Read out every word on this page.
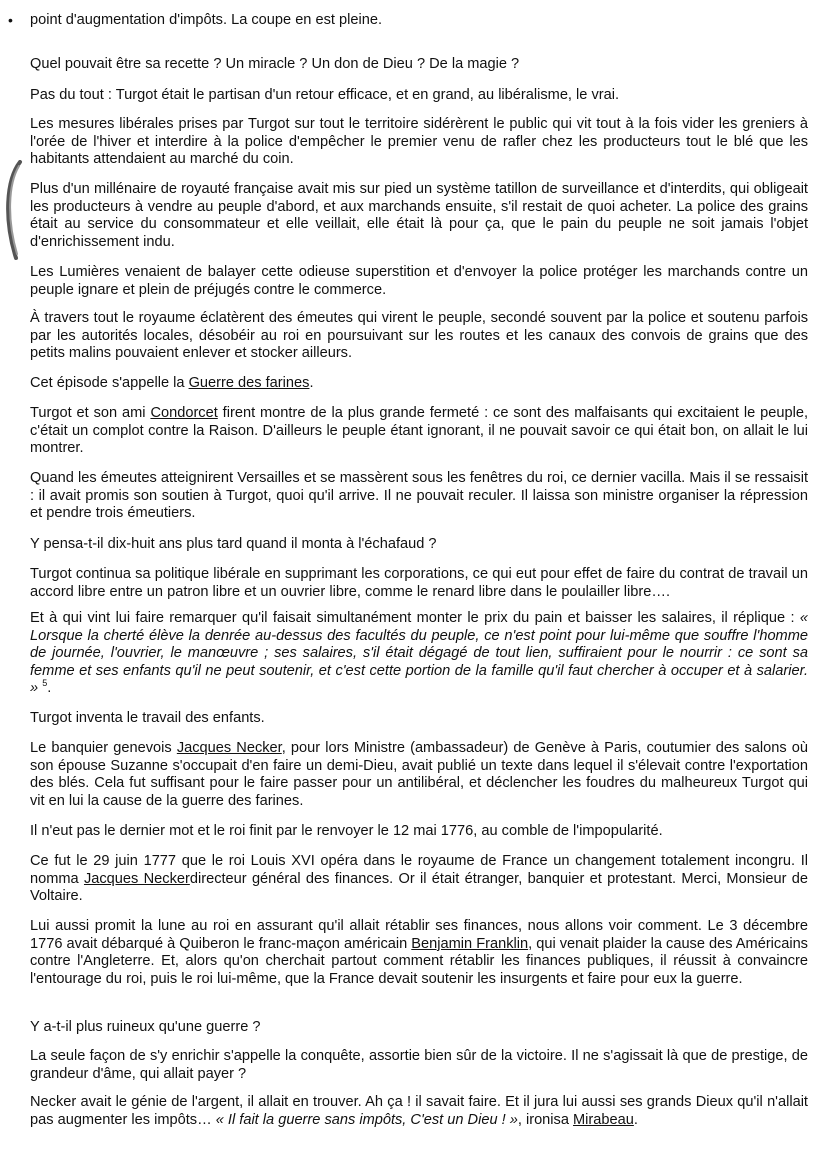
• point d'augmentation d'impôts. La coupe en est pleine.

Quel pouvait être sa recette ? Un miracle ? Un don de Dieu ? De la magie ?

Pas du tout : Turgot était le partisan d'un retour efficace, et en grand, au libéralisme, le vrai.

Les mesures libérales prises par Turgot sur tout le territoire sidérèrent le public qui vit tout à la fois vider les greniers à l'orée de l'hiver et interdire à la police d'empêcher le premier venu de rafler chez les producteurs tout le blé que les habitants attendaient au marché du coin.

Plus d'un millénaire de royauté française avait mis sur pied un système tatillon de surveillance et d'interdits, qui obligeait les producteurs à vendre au peuple d'abord, et aux marchands ensuite, s'il restait de quoi acheter. La police des grains était au service du consommateur et elle veillait, elle était là pour ça, que le pain du peuple ne soit jamais l'objet d'enrichissement indu.

Les Lumières venaient de balayer cette odieuse superstition et d'envoyer la police protéger les marchands contre un peuple ignare et plein de préjugés contre le commerce.

À travers tout le royaume éclatèrent des émeutes qui virent le peuple, secondé souvent par la police et soutenu parfois par les autorités locales, désobéir au roi en poursuivant sur les routes et les canaux des convois de grains que des petits malins pouvaient enlever et stocker ailleurs.

Cet épisode s'appelle la Guerre des farines.

Turgot et son ami Condorcet firent montre de la plus grande fermeté : ce sont des malfaisants qui excitaient le peuple, c'était un complot contre la Raison. D'ailleurs le peuple étant ignorant, il ne pouvait savoir ce qui était bon, on allait le lui montrer.

Quand les émeutes atteignirent Versailles et se massèrent sous les fenêtres du roi, ce dernier vacilla. Mais il se ressaisit : il avait promis son soutien à Turgot, quoi qu'il arrive. Il ne pouvait reculer. Il laissa son ministre organiser la répression et pendre trois émeutiers.

Y pensa-t-il dix-huit ans plus tard quand il monta à l'échafaud ?

Turgot continua sa politique libérale en supprimant les corporations, ce qui eut pour effet de faire du contrat de travail un accord libre entre un patron libre et un ouvrier libre, comme le renard libre dans le poulailler libre….

Et à qui vint lui faire remarquer qu'il faisait simultanément monter le prix du pain et baisser les salaires, il réplique : « Lorsque la cherté élève la denrée au-dessus des facultés du peuple, ce n'est point pour lui-même que souffre l'homme de journée, l'ouvrier, le manœuvre ; ses salaires, s'il était dégagé de tout lien, suffiraient pour le nourrir : ce sont sa femme et ses enfants qu'il ne peut soutenir, et c'est cette portion de la famille qu'il faut chercher à occuper et à salarier. » $^5$.

Turgot inventa le travail des enfants.

Le banquier genevois Jacques Necker, pour lors Ministre (ambassadeur) de Genève à Paris, coutumier des salons où son épouse Suzanne s'occupait d'en faire un demi-Dieu, avait publié un texte dans lequel il s'élevait contre l'exportation des blés. Cela fut suffisant pour le faire passer pour un antilibéral, et déclencher les foudres du malheureux Turgot qui vit en lui la cause de la guerre des farines.

Il n'eut pas le dernier mot et le roi finit par le renvoyer le 12 mai 1776, au comble de l'impopularité.

Ce fut le 29 juin 1777 que le roi Louis XVI opéra dans le royaume de France un changement totalement incongru. Il nomma Jacques Neckerdirecteur général des finances. Or il était étranger, banquier et protestant. Merci, Monsieur de Voltaire.

Lui aussi promit la lune au roi en assurant qu'il allait rétablir ses finances, nous allons voir comment. Le 3 décembre 1776 avait débarqué à Quiberon le franc-maçon américain Benjamin Franklin, qui venait plaider la cause des Américains contre l'Angleterre. Et, alors qu'on cherchait partout comment rétablir les finances publiques, il réussit à convaincre l'entourage du roi, puis le roi lui-même, que la France devait soutenir les insurgents et faire pour eux la guerre.

Y a-t-il plus ruineux qu'une guerre ?

La seule façon de s'y enrichir s'appelle la conquête, assortie bien sûr de la victoire. Il ne s'agissait là que de prestige, de grandeur d'âme, qui allait payer ?

Necker avait le génie de l'argent, il allait en trouver. Ah ça ! il savait faire. Et il jura lui aussi ses grands Dieux qu'il n'allait pas augmenter les impôts… « Il fait la guerre sans impôts, C'est un Dieu ! », ironisa Mirabeau.
